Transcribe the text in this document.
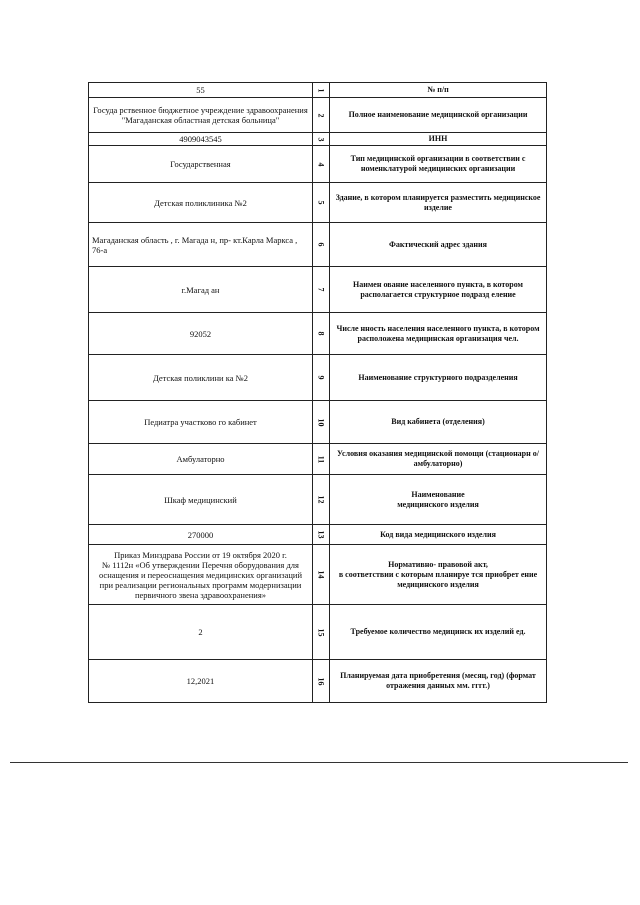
55	1	№ п/п
Госуда рственное бюджетное учреждение здравоохранения "Магаданская областная детская больница"	2	Полное наименование медицинской организации
4909043545	3	ИНН
Государственная	4	Тип медицинской организации в соответствии с номенклатурой медицинских организации
Детская поликлиника №2	5	Здание, в котором планируется разместить медицинское изделие
Магаданская область , г. Магада н, пр- кт.Карла Маркса , 76-а	6	Фактический адрес здания
г.Магад ан	7	Наимен ование населенного пункта, в котором располагается структурное подразд еление
92052	8	Числе нность населения населенного пункта, в котором расположена медицинская организация чел.
Детская поликлини ка №2	9	Наименование структурного подразделения
Педиатра участково го кабинет	10	Вид кабинета (отделения)
Амбулаторно	11	Условия оказания медицинской помощи (стационарн о/амбулаторно)
Шкаф медицинский	12	Наименование
медицинского изделия
270000	13	Код вида медицинского изделия
Приказ Минздрава России от 19 октября 2020 г.
№ 1112н «Об утверждении Перечня оборудования для оснащения и переоснащения медицинских организаций при реализации региональных программ модернизации первичного звена здравоохранения»	14	Нормативно- правовой акт,
в соответствии с которым планируе тся приобрет ение медицинского изделия
2	15	Требуемое количество медицинск их изделий ед.
12,2021	16	Планируемая дата приобретения (месяц, год) (формат отражения данных мм. гггг.)
